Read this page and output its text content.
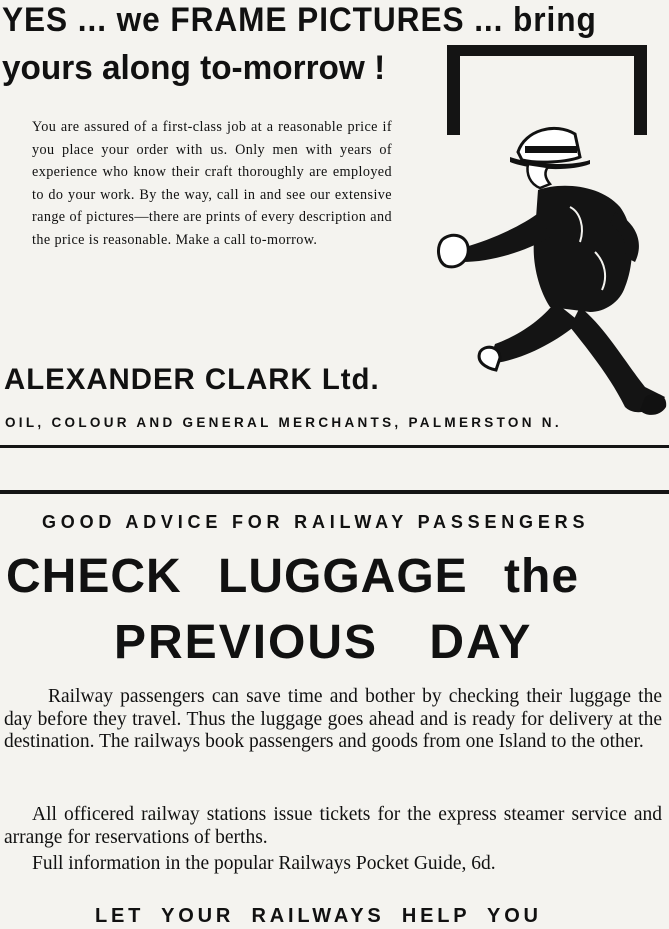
YES ... we FRAME PICTURES ... bring
yours along to-morrow !
You are assured of a first-class job at a reasonable price if you place your order with us. Only men with years of experience who know their craft thoroughly are employed to do your work. By the way, call in and see our extensive range of pictures—there are prints of every description and the price is reasonable. Make a call to-morrow.
ALEXANDER CLARK Ltd.
OIL, COLOUR AND GENERAL MERCHANTS, PALMERSTON N.
GOOD ADVICE FOR RAILWAY PASSENGERS
CHECK LUGGAGE the
PREVIOUS DAY
Railway passengers can save time and bother by checking their luggage the day before they travel. Thus the luggage goes ahead and is ready for delivery at the destination. The railways book passengers and goods from one Island to the other.
All officered railway stations issue tickets for the express steamer service and arrange for reservations of berths.
Full information in the popular Railways Pocket Guide, 6d.
LET YOUR RAILWAYS HELP YOU
